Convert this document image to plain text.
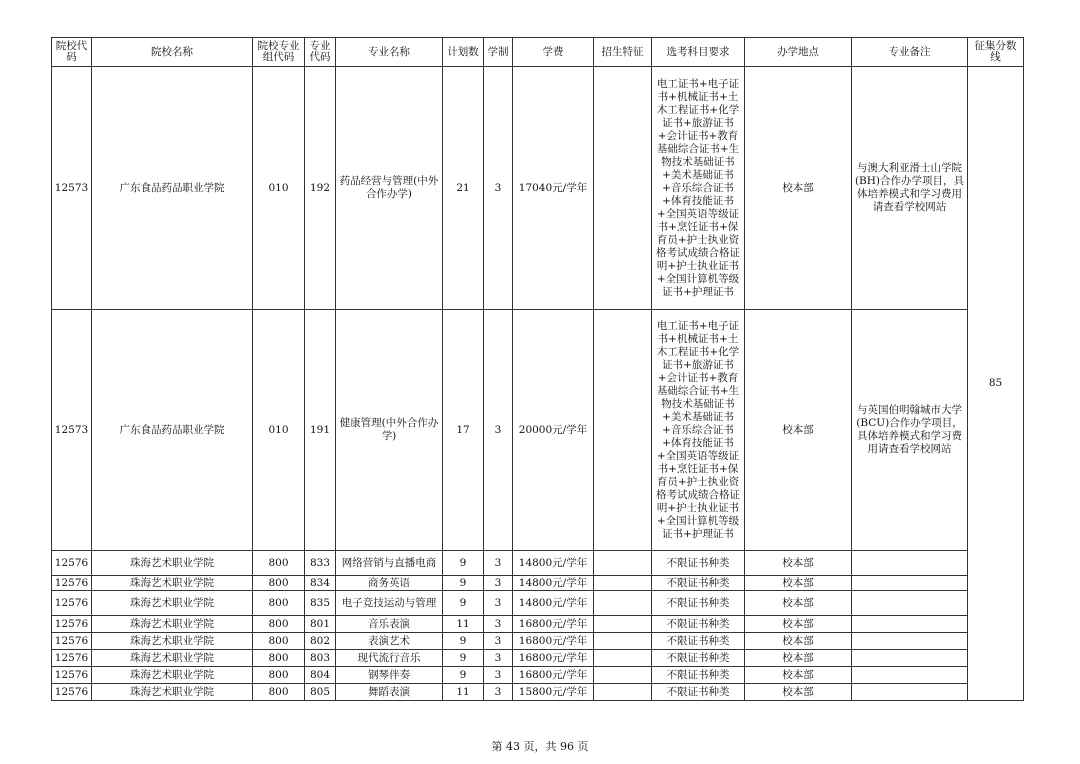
院校代码	院校名称	院校专业组代码	专业代码	专业名称	计划数	学制	学费	招生特征	选考科目要求	办学地点	专业备注	征集分数线
12573	广东食品药品职业学院	010	192	药品经营与管理(中外合作办学)	21	3	17040元/学年		电工证书+电子证书+机械证书+土木工程证书+化学证书+旅游证书+会计证书+教育基础综合证书+生物技术基础证书+美术基础证书+音乐综合证书+体育技能证书+全国英语等级证书+烹饪证书+保育员+护士执业资格考试成绩合格证明+护士执业证书+全国计算机等级证书+护理证书	校本部	与澳大利亚滑士山学院(BH)合作办学项目，具体培养模式和学习费用请查看学校网站	85
12573	广东食品药品职业学院	010	191	健康管理(中外合作办学)	17	3	20000元/学年		电工证书+电子证书+机械证书+土木工程证书+化学证书+旅游证书+会计证书+教育基础综合证书+生物技术基础证书+美术基础证书+音乐综合证书+体育技能证书+全国英语等级证书+烹饪证书+保育员+护士执业资格考试成绩合格证明+护士执业证书+全国计算机等级证书+护理证书	校本部	与英国伯明翰城市大学(BCU)合作办学项目，具体培养模式和学习费用请查看学校网站	
12576	珠海艺术职业学院	800	833	网络营销与直播电商	9	3	14800元/学年		不限证书种类	校本部		
12576	珠海艺术职业学院	800	834	商务英语	9	3	14800元/学年		不限证书种类	校本部		
12576	珠海艺术职业学院	800	835	电子竞技运动与管理	9	3	14800元/学年		不限证书种类	校本部		
12576	珠海艺术职业学院	800	801	音乐表演	11	3	16800元/学年		不限证书种类	校本部		
12576	珠海艺术职业学院	800	802	表演艺术	9	3	16800元/学年		不限证书种类	校本部		
12576	珠海艺术职业学院	800	803	现代流行音乐	9	3	16800元/学年		不限证书种类	校本部		
12576	珠海艺术职业学院	800	804	钢琴伴奏	9	3	16800元/学年		不限证书种类	校本部		
12576	珠海艺术职业学院	800	805	舞蹈表演	11	3	15800元/学年		不限证书种类	校本部		
第 43 页，共 96 页
